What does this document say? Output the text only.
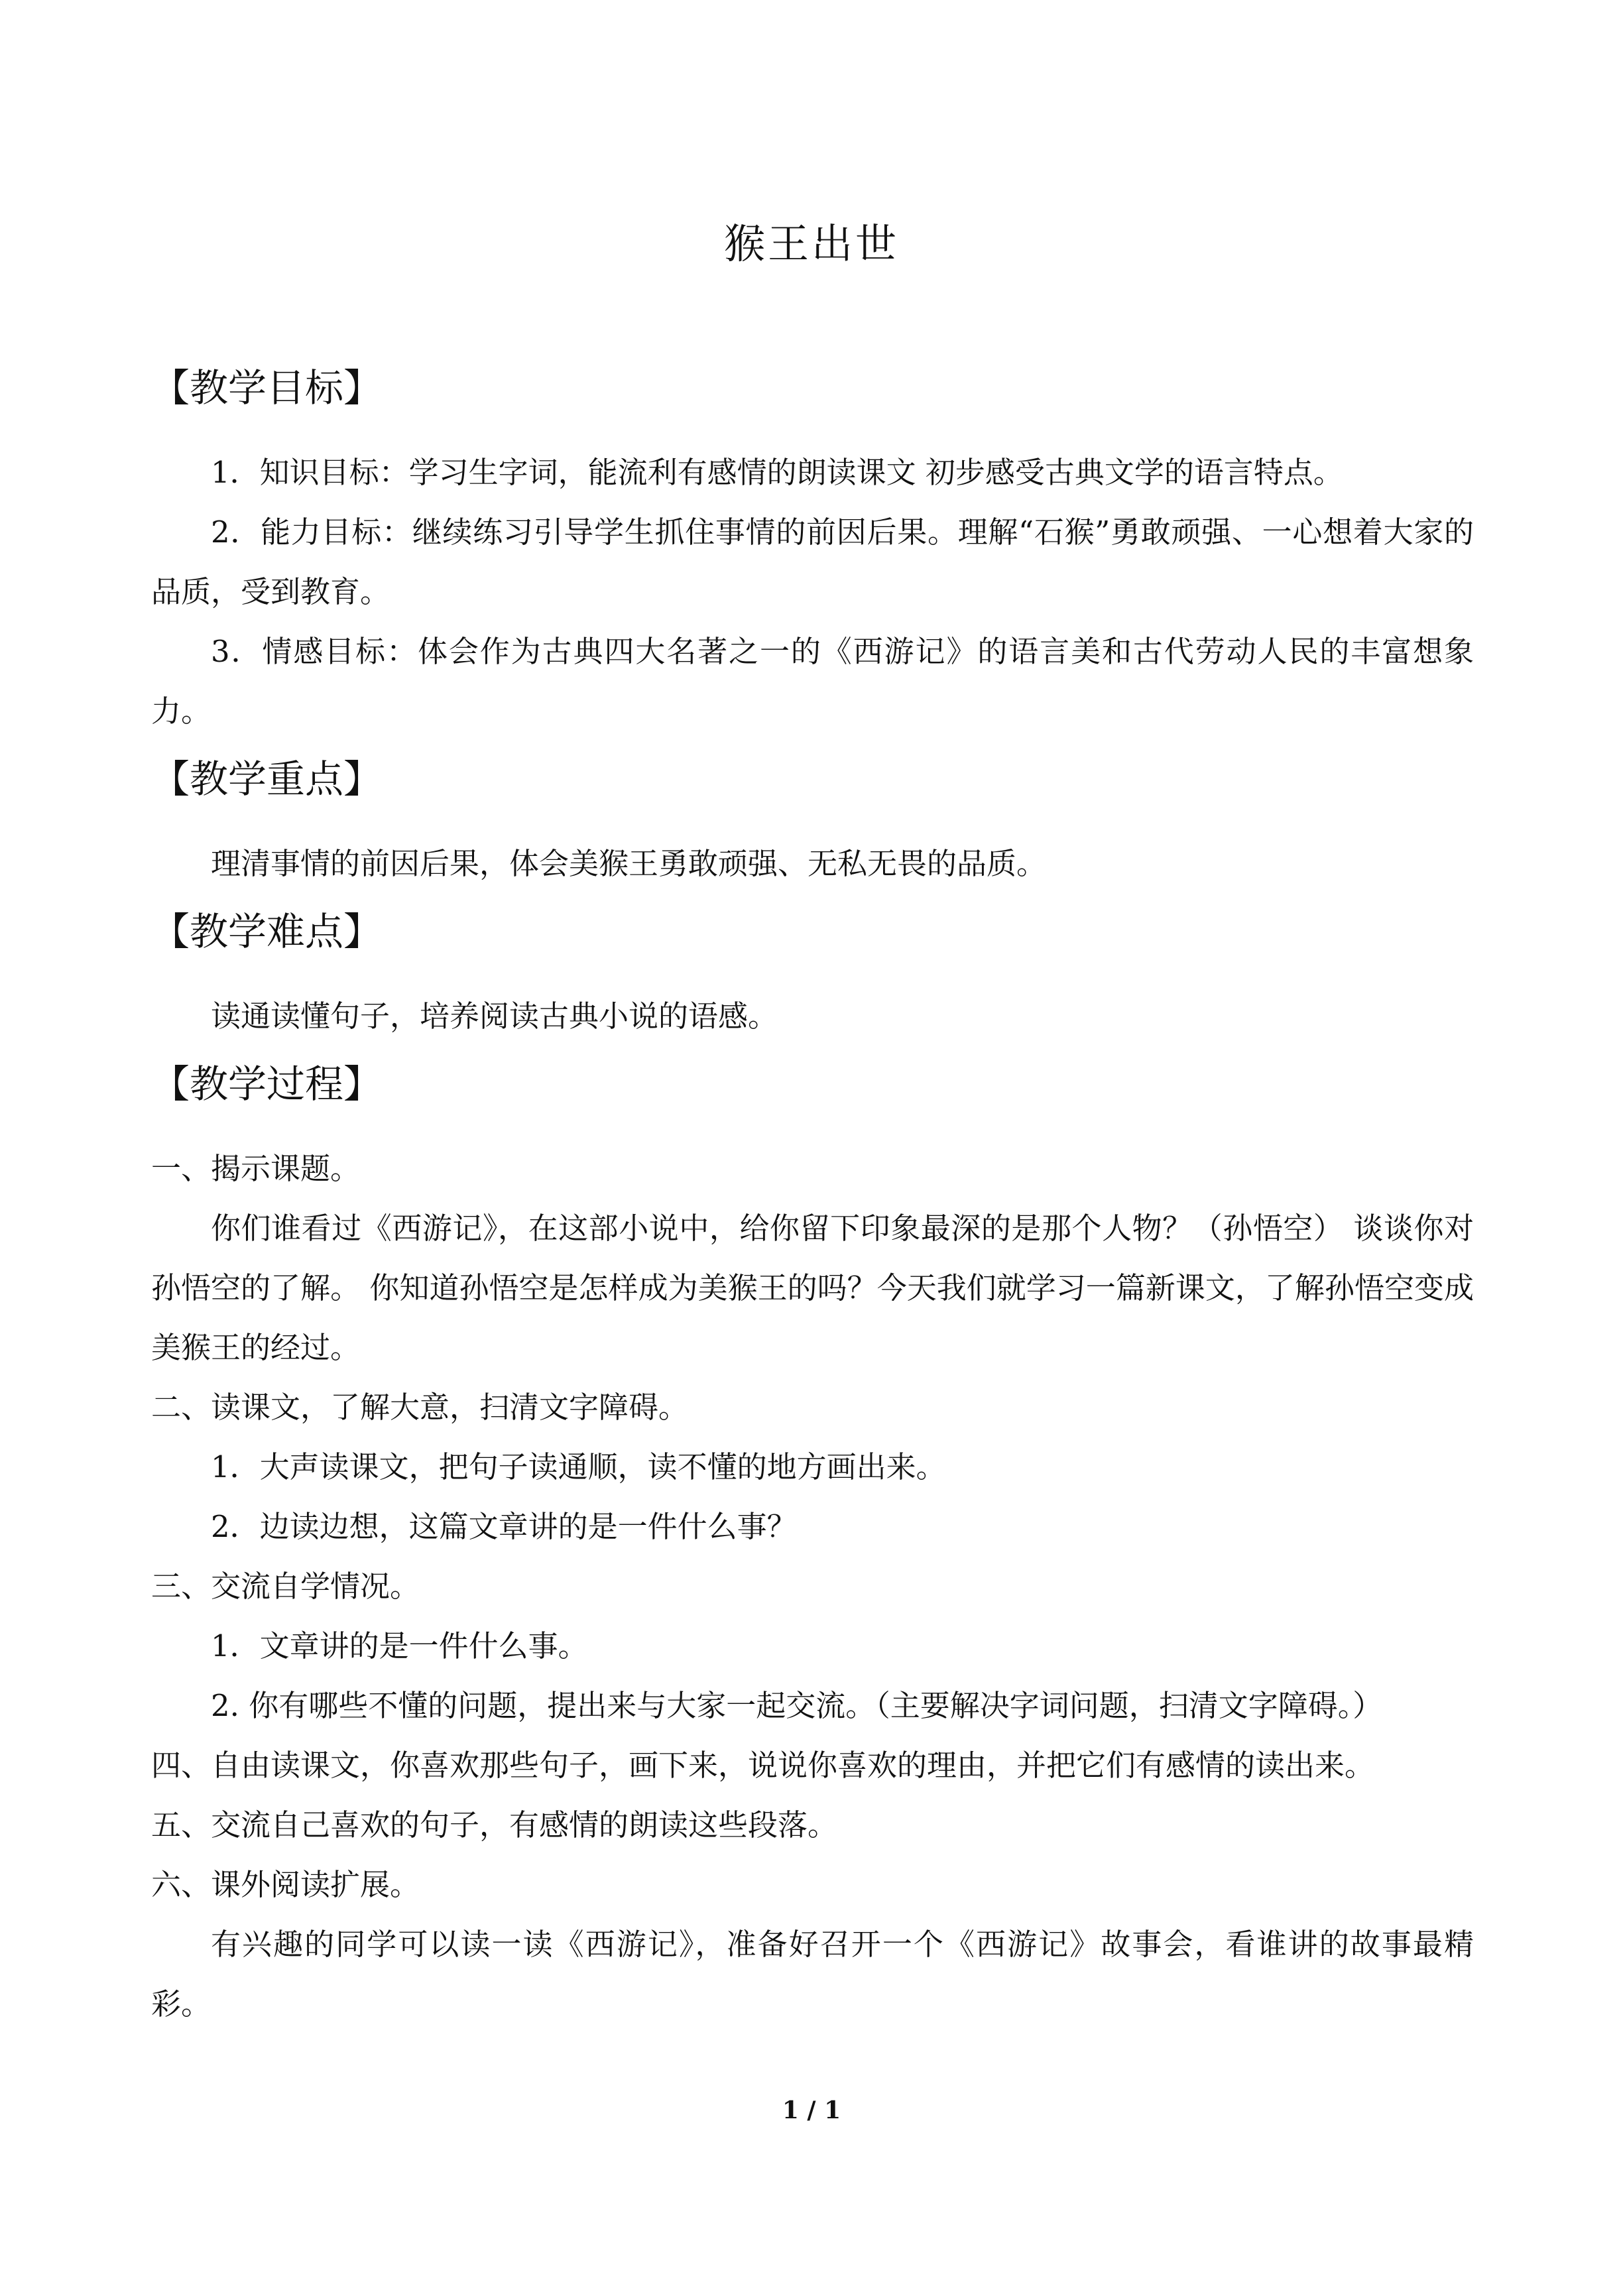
猴王出世
【教学目标】

1．知识目标：学习生字词，能流利有感情的朗读课文 初步感受古典文学的语言特点。

2．能力目标：继续练习引导学生抓住事情的前因后果。理解“石猴”勇敢顽强、一心想着大家的品质，受到教育。

3．情感目标：体会作为古典四大名著之一的《西游记》的语言美和古代劳动人民的丰富想象力。

【教学重点】

理清事情的前因后果，体会美猴王勇敢顽强、无私无畏的品质。

【教学难点】

读通读懂句子，培养阅读古典小说的语感。

【教学过程】

一、揭示课题。

你们谁看过《西游记》，在这部小说中，给你留下印象最深的是那个人物？（孙悟空） 谈谈你对孙悟空的了解。 你知道孙悟空是怎样成为美猴王的吗？今天我们就学习一篇新课文，了解孙悟空变成美猴王的经过。

二、读课文，了解大意，扫清文字障碍。

1．大声读课文，把句子读通顺，读不懂的地方画出来。

2．边读边想，这篇文章讲的是一件什么事？

三、交流自学情况。

1．文章讲的是一件什么事。

2. 你有哪些不懂的问题，提出来与大家一起交流。（主要解决字词问题，扫清文字障碍。）

四、自由读课文，你喜欢那些句子，画下来，说说你喜欢的理由，并把它们有感情的读出来。

五、交流自己喜欢的句子，有感情的朗读这些段落。

六、课外阅读扩展。

有兴趣的同学可以读一读《西游记》，准备好召开一个《西游记》故事会，看谁讲的故事最精彩。

1 / 1
